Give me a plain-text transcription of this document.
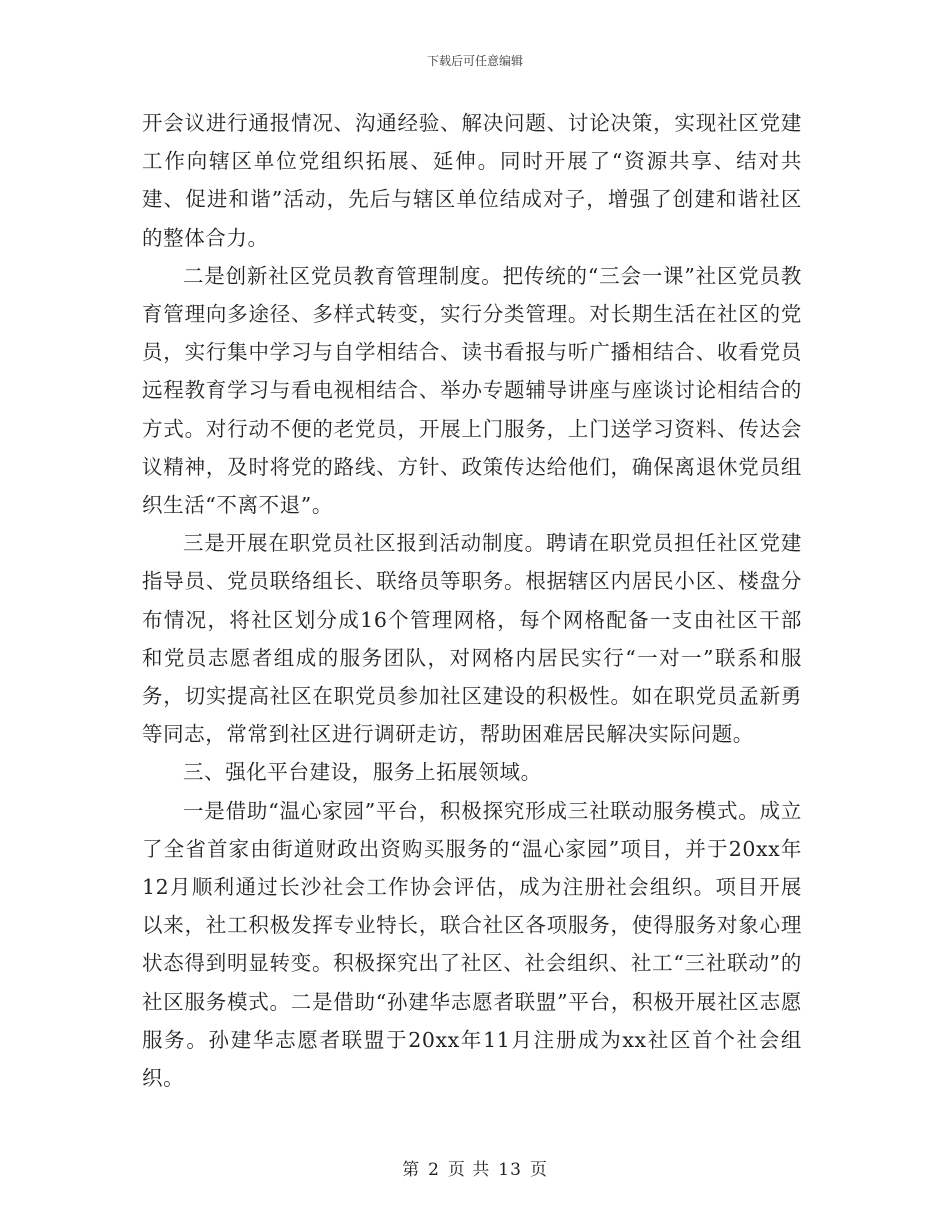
下载后可任意编辑

开会议进行通报情况、沟通经验、解决问题、讨论决策，实现社区党建工作向辖区单位党组织拓展、延伸。同时开展了“资源共享、结对共建、促进和谐”活动，先后与辖区单位结成对子，增强了创建和谐社区的整体合力。

二是创新社区党员教育管理制度。把传统的“三会一课”社区党员教育管理向多途径、多样式转变，实行分类管理。对长期生活在社区的党员，实行集中学习与自学相结合、读书看报与听广播相结合、收看党员远程教育学习与看电视相结合、举办专题辅导讲座与座谈讨论相结合的方式。对行动不便的老党员，开展上门服务，上门送学习资料、传达会议精神，及时将党的路线、方针、政策传达给他们，确保离退休党员组织生活“不离不退”。

三是开展在职党员社区报到活动制度。聘请在职党员担任社区党建指导员、党员联络组长、联络员等职务。根据辖区内居民小区、楼盘分布情况，将社区划分成16个管理网格，每个网格配备一支由社区干部和党员志愿者组成的服务团队，对网格内居民实行“一对一”联系和服务，切实提高社区在职党员参加社区建设的积极性。如在职党员孟新勇等同志，常常到社区进行调研走访，帮助困难居民解决实际问题。

三、强化平台建设，服务上拓展领域。

一是借助“温心家园”平台，积极探究形成三社联动服务模式。成立了全省首家由街道财政出资购买服务的“温心家园”项目，并于20xx年12月顺利通过长沙社会工作协会评估，成为注册社会组织。项目开展以来，社工积极发挥专业特长，联合社区各项服务，使得服务对象心理状态得到明显转变。积极探究出了社区、社会组织、社工“三社联动”的社区服务模式。二是借助“孙建华志愿者联盟”平台，积极开展社区志愿服务。孙建华志愿者联盟于20xx年11月注册成为xx社区首个社会组织。

第 2 页 共 13 页
